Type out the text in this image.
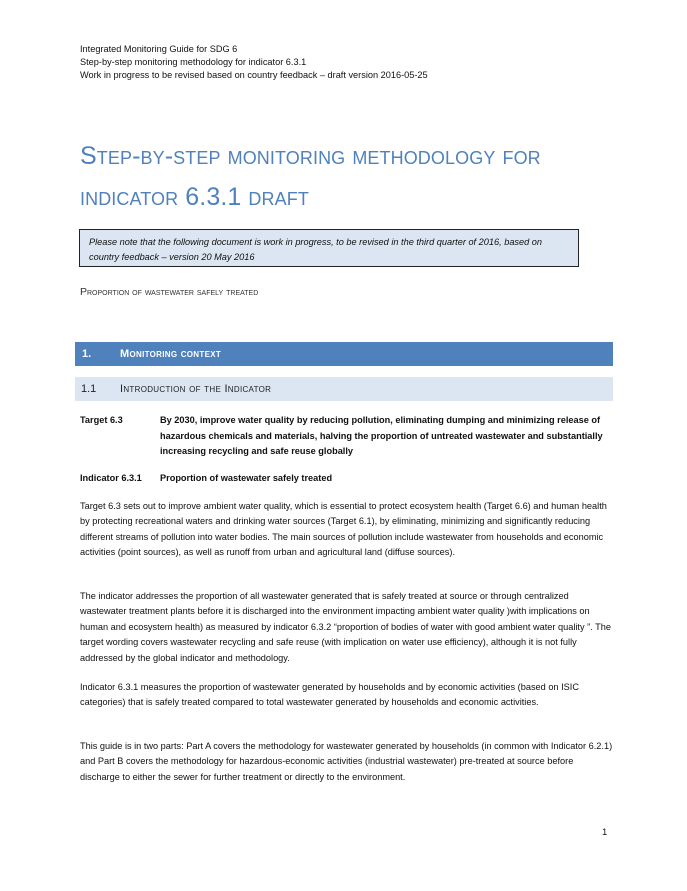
Integrated Monitoring Guide for SDG 6
Step-by-step monitoring methodology for indicator 6.3.1
Work in progress to be revised based on country feedback – draft version 2016-05-25
Step-by-step monitoring methodology for
indicator 6.3.1 draft
Please note that the following document is work in progress, to be revised in the third quarter of 2016, based on country feedback – version 20 May 2016
Proportion of wastewater safely treated
1.	Monitoring context
1.1 Introduction of the Indicator
Target 6.3	By 2030, improve water quality by reducing pollution, eliminating dumping and minimizing release of hazardous chemicals and materials, halving the proportion of untreated wastewater and substantially increasing recycling and safe reuse globally
Indicator 6.3.1 Proportion of wastewater safely treated
Target 6.3 sets out to improve ambient water quality, which is essential to protect ecosystem health (Target 6.6) and human health by protecting recreational waters and drinking water sources (Target 6.1), by eliminating, minimizing and significantly reducing different streams of pollution into water bodies. The main sources of pollution include wastewater from households and economic activities (point sources), as well as runoff from urban and agricultural land (diffuse sources).
The indicator addresses the proportion of all wastewater generated that is safely treated at source or through centralized wastewater treatment plants before it is discharged into the environment impacting ambient water quality )with implications on human and ecosystem health) as measured by indicator 6.3.2 “proportion of bodies of water with good ambient water quality ”. The target wording covers wastewater recycling and safe reuse (with implication on water use efficiency), although it is not fully addressed by the global indicator and methodology.
Indicator 6.3.1 measures the proportion of wastewater generated by households and by economic activities (based on ISIC categories) that is safely treated compared to total wastewater generated by households and economic activities.
This guide is in two parts: Part A covers the methodology for wastewater generated by households (in common with Indicator 6.2.1) and Part B covers the methodology for hazardous-economic activities (industrial wastewater) pre-treated at source before discharge to either the sewer for further treatment or directly to the environment.
1
